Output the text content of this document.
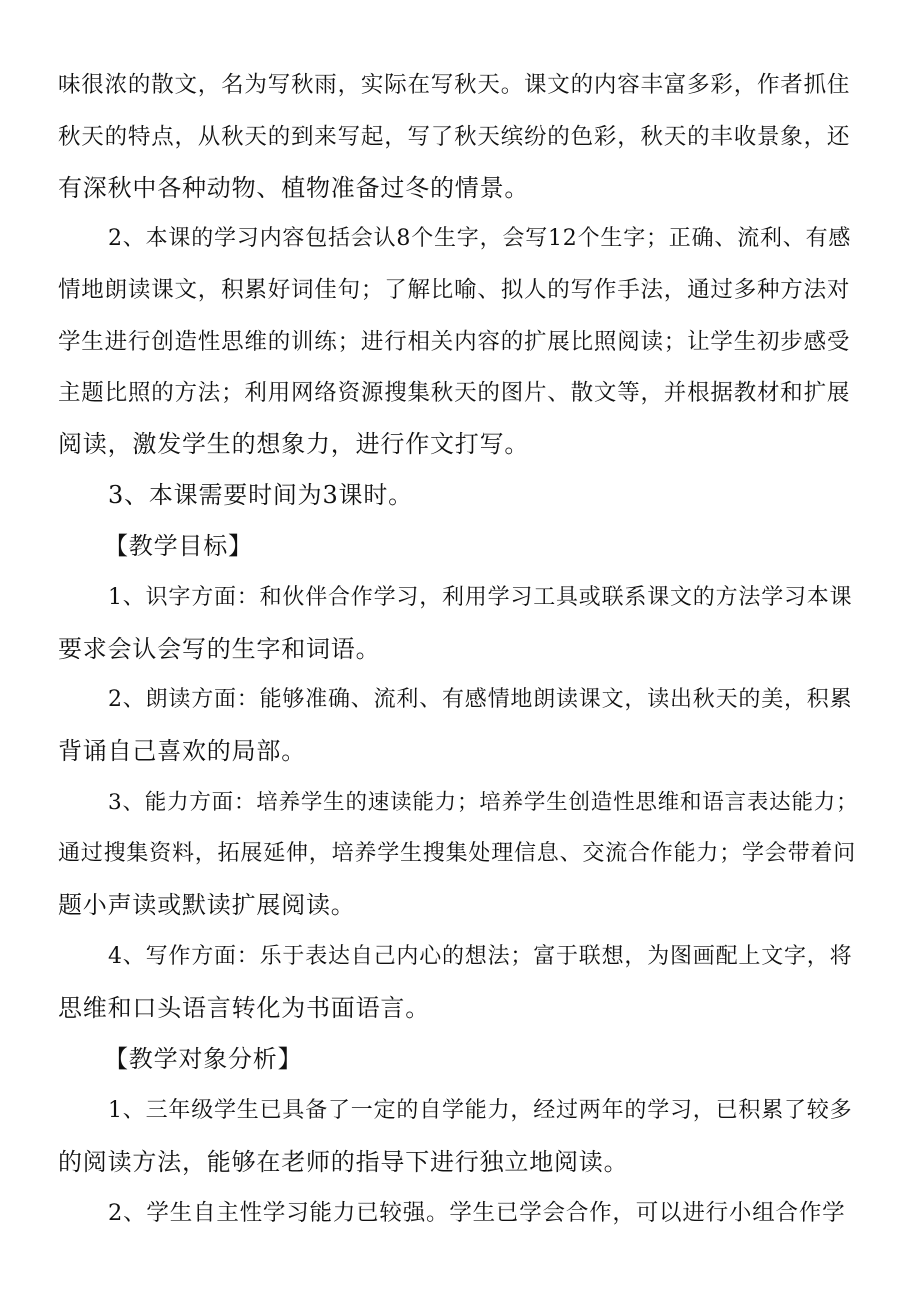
味很浓的散文，名为写秋雨，实际在写秋天。课文的内容丰富多彩，作者抓住
秋天的特点，从秋天的到来写起，写了秋天缤纷的色彩，秋天的丰收景象，还
有深秋中各种动物、植物准备过冬的情景。
2、本课的学习内容包括会认8个生字，会写12个生字；正确、流利、有感
情地朗读课文，积累好词佳句；了解比喻、拟人的写作手法，通过多种方法对
学生进行创造性思维的训练；进行相关内容的扩展比照阅读；让学生初步感受
主题比照的方法；利用网络资源搜集秋天的图片、散文等，并根据教材和扩展
阅读，激发学生的想象力，进行作文打写。
3、本课需要时间为3课时。
【教学目标】
1、识字方面：和伙伴合作学习，利用学习工具或联系课文的方法学习本课
要求会认会写的生字和词语。
2、朗读方面：能够准确、流利、有感情地朗读课文，读出秋天的美，积累
背诵自己喜欢的局部。
3、能力方面：培养学生的速读能力；培养学生创造性思维和语言表达能力；
通过搜集资料，拓展延伸，培养学生搜集处理信息、交流合作能力；学会带着问
题小声读或默读扩展阅读。
4、写作方面：乐于表达自己内心的想法；富于联想，为图画配上文字，将
思维和口头语言转化为书面语言。
【教学对象分析】
1、三年级学生已具备了一定的自学能力，经过两年的学习，已积累了较多
的阅读方法，能够在老师的指导下进行独立地阅读。
2、学生自主性学习能力已较强。学生已学会合作，可以进行小组合作学
